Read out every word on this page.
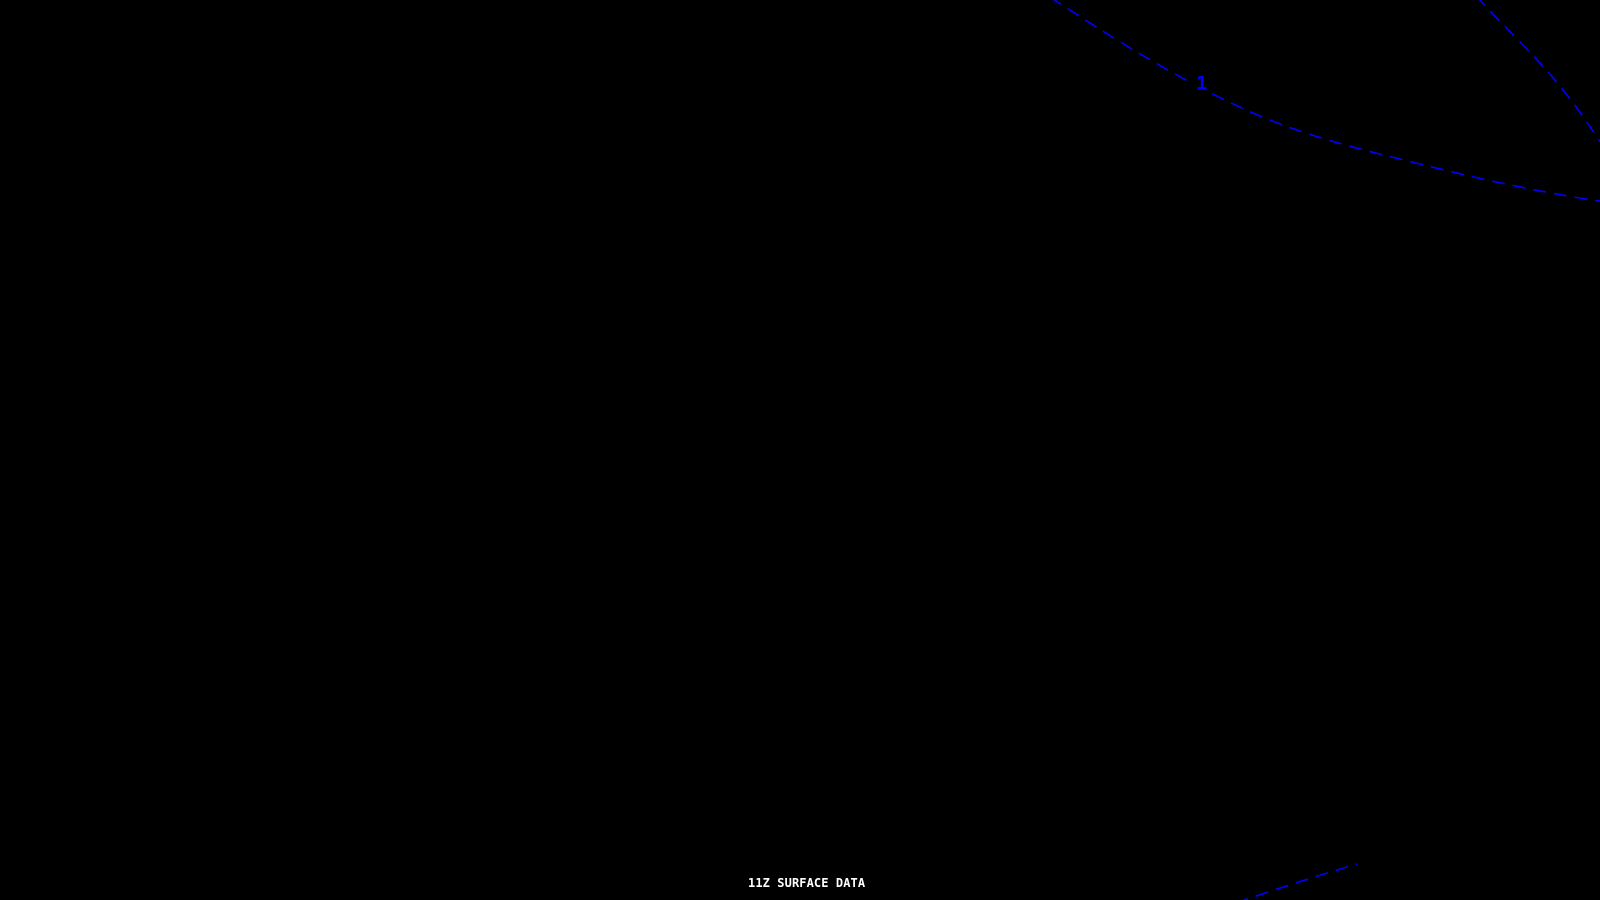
1
11Z SURFACE DATA
